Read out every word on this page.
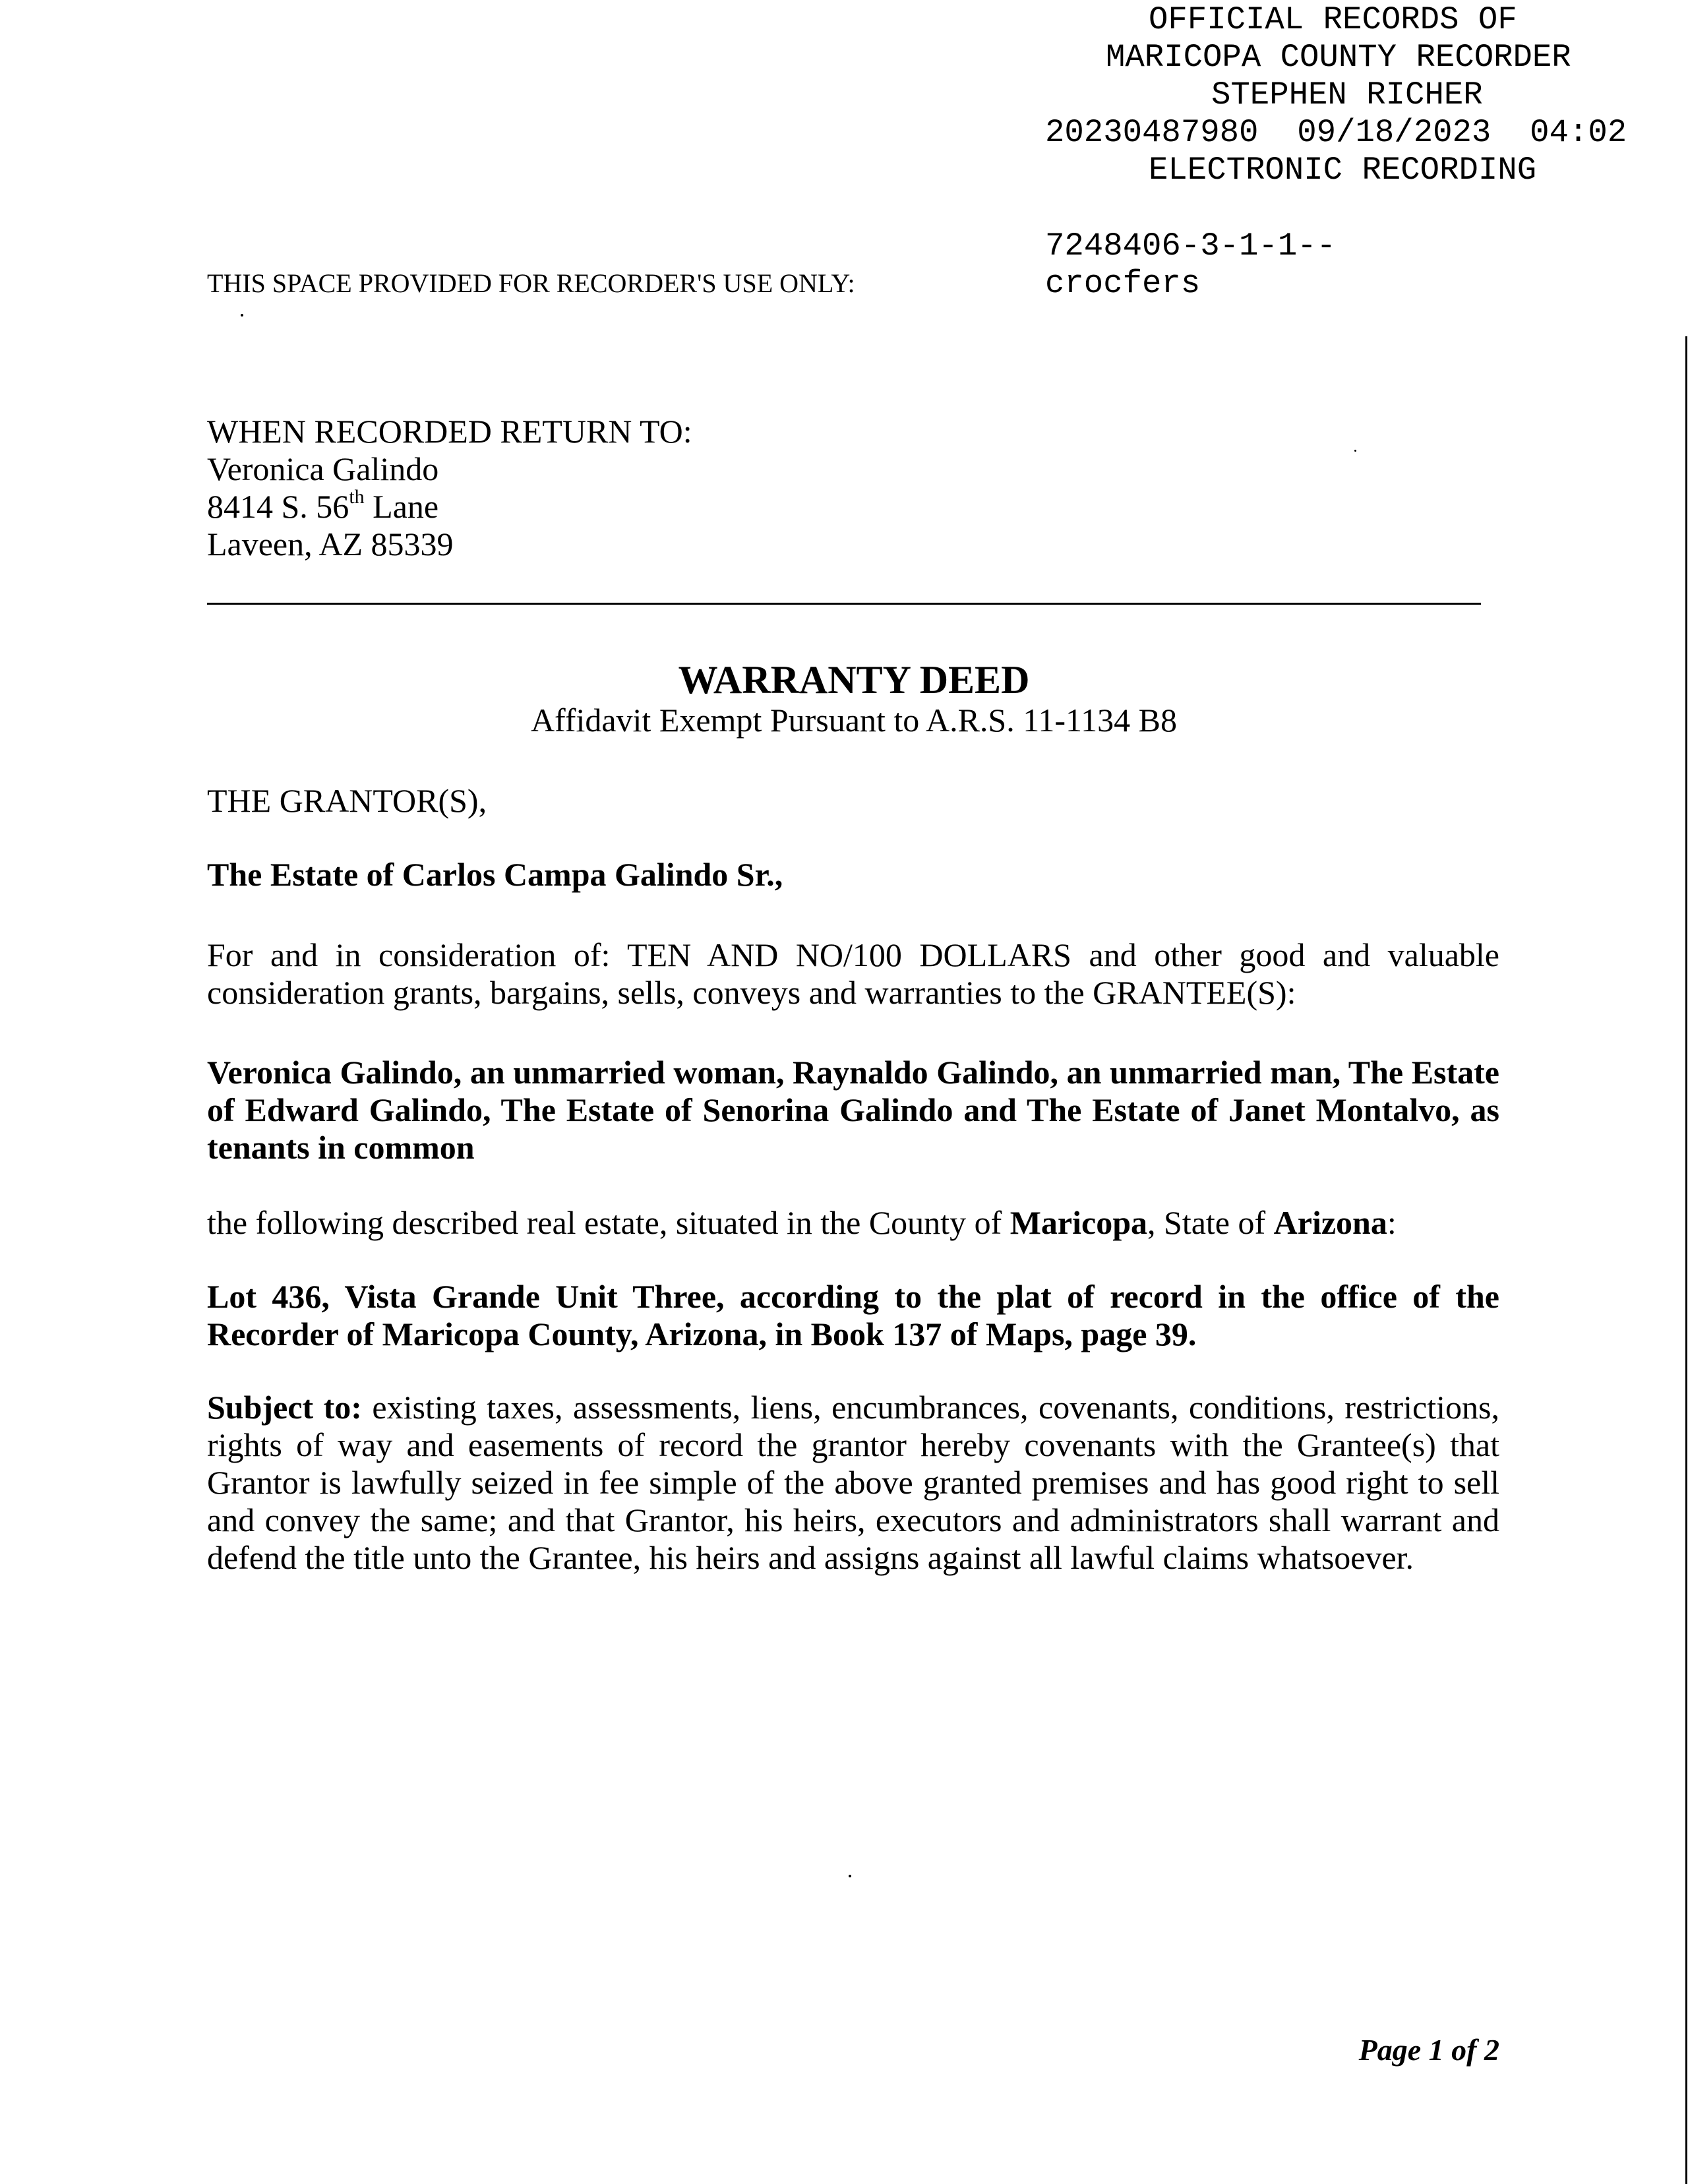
OFFICIAL RECORDS OF
MARICOPA COUNTY RECORDER
STEPHEN RICHER
20230487980  09/18/2023  04:02
ELECTRONIC RECORDING
7248406-3-1-1--
crocfers
THIS SPACE PROVIDED FOR RECORDER'S USE ONLY:
WHEN RECORDED RETURN TO:
Veronica Galindo
8414 S. 56th Lane
Laveen, AZ 85339
WARRANTY DEED
Affidavit Exempt Pursuant to A.R.S. 11-1134 B8
THE GRANTOR(S),
The Estate of Carlos Campa Galindo Sr.,
For and in consideration of: TEN AND NO/100 DOLLARS and other good and valuable consideration grants, bargains, sells, conveys and warranties to the GRANTEE(S):
Veronica Galindo, an unmarried woman, Raynaldo Galindo, an unmarried man, The Estate of Edward Galindo, The Estate of Senorina Galindo and The Estate of Janet Montalvo, as tenants in common
the following described real estate, situated in the County of Maricopa, State of Arizona:
Lot 436, Vista Grande Unit Three, according to the plat of record in the office of the Recorder of Maricopa County, Arizona, in Book 137 of Maps, page 39.
Subject to: existing taxes, assessments, liens, encumbrances, covenants, conditions, restrictions, rights of way and easements of record the grantor hereby covenants with the Grantee(s) that Grantor is lawfully seized in fee simple of the above granted premises and has good right to sell and convey the same; and that Grantor, his heirs, executors and administrators shall warrant and defend the title unto the Grantee, his heirs and assigns against all lawful claims whatsoever.
Page 1 of 2
